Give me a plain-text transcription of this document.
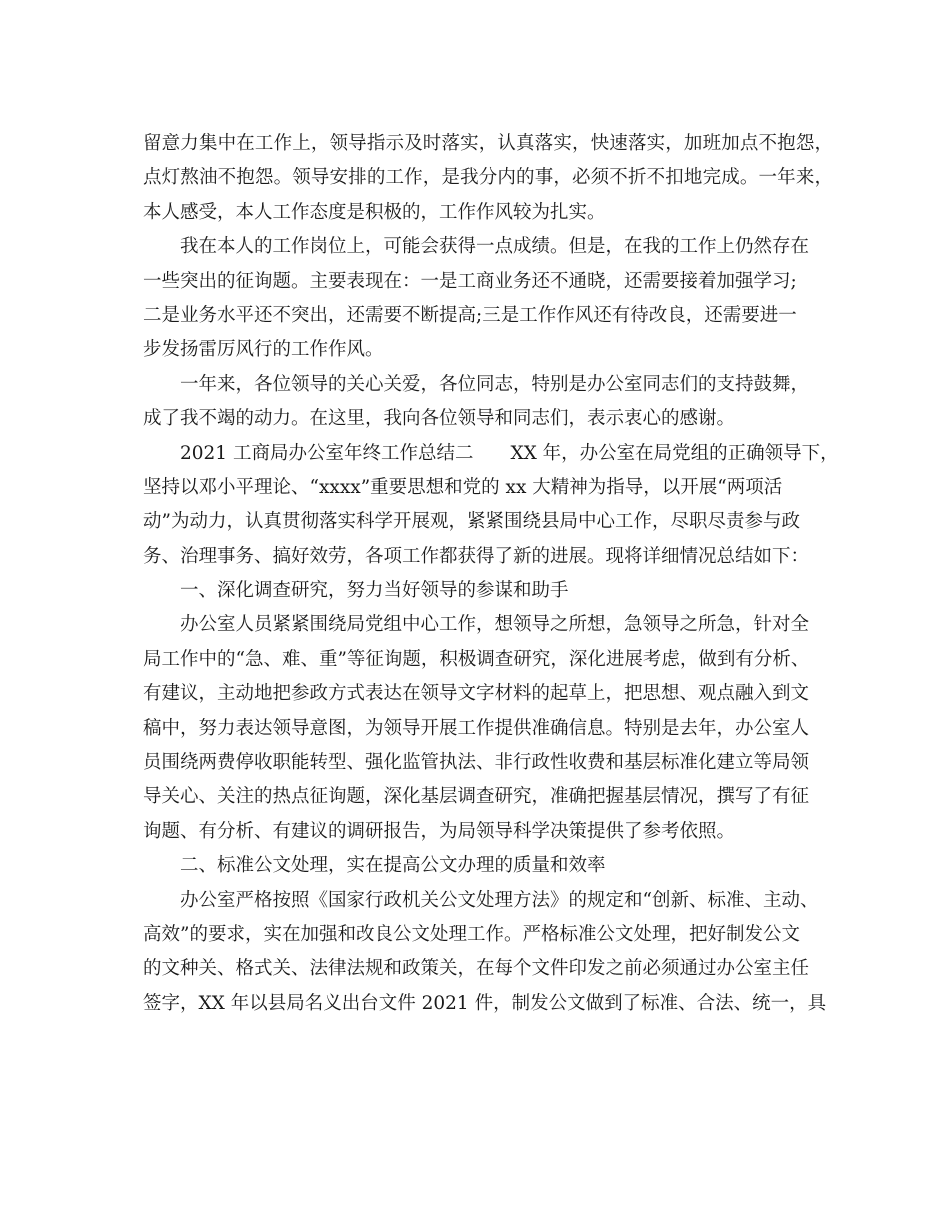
留意力集中在工作上，领导指示及时落实，认真落实，快速落实，加班加点不抱怨，
点灯熬油不抱怨。领导安排的工作，是我分内的事，必须不折不扣地完成。一年来，
本人感受，本人工作态度是积极的，工作作风较为扎实。
我在本人的工作岗位上，可能会获得一点成绩。但是，在我的工作上仍然存在
一些突出的征询题。主要表现在：一是工商业务还不通晓，还需要接着加强学习;
二是业务水平还不突出，还需要不断提高;三是工作作风还有待改良，还需要进一
步发扬雷厉风行的工作作风。
一年来，各位领导的关心关爱，各位同志，特别是办公室同志们的支持鼓舞，
成了我不竭的动力。在这里，我向各位领导和同志们，表示衷心的感谢。
2021 工商局办公室年终工作总结二　　XX 年，办公室在局党组的正确领导下，
坚持以邓小平理论、“xxxx”重要思想和党的 xx 大精神为指导，以开展“两项活
动”为动力，认真贯彻落实科学开展观，紧紧围绕县局中心工作，尽职尽责参与政
务、治理事务、搞好效劳，各项工作都获得了新的进展。现将详细情况总结如下：
一、深化调查研究，努力当好领导的参谋和助手
办公室人员紧紧围绕局党组中心工作，想领导之所想，急领导之所急，针对全
局工作中的“急、难、重”等征询题，积极调查研究，深化进展考虑，做到有分析、
有建议，主动地把参政方式表达在领导文字材料的起草上，把思想、观点融入到文
稿中，努力表达领导意图，为领导开展工作提供准确信息。特别是去年，办公室人
员围绕两费停收职能转型、强化监管执法、非行政性收费和基层标准化建立等局领
导关心、关注的热点征询题，深化基层调查研究，准确把握基层情况，撰写了有征
询题、有分析、有建议的调研报告，为局领导科学决策提供了参考依照。
二、标准公文处理，实在提高公文办理的质量和效率
办公室严格按照《国家行政机关公文处理方法》的规定和“创新、标准、主动、
高效”的要求，实在加强和改良公文处理工作。严格标准公文处理，把好制发公文
的文种关、格式关、法律法规和政策关，在每个文件印发之前必须通过办公室主任
签字，XX 年以县局名义出台文件 2021 件，制发公文做到了标准、合法、统一，具
